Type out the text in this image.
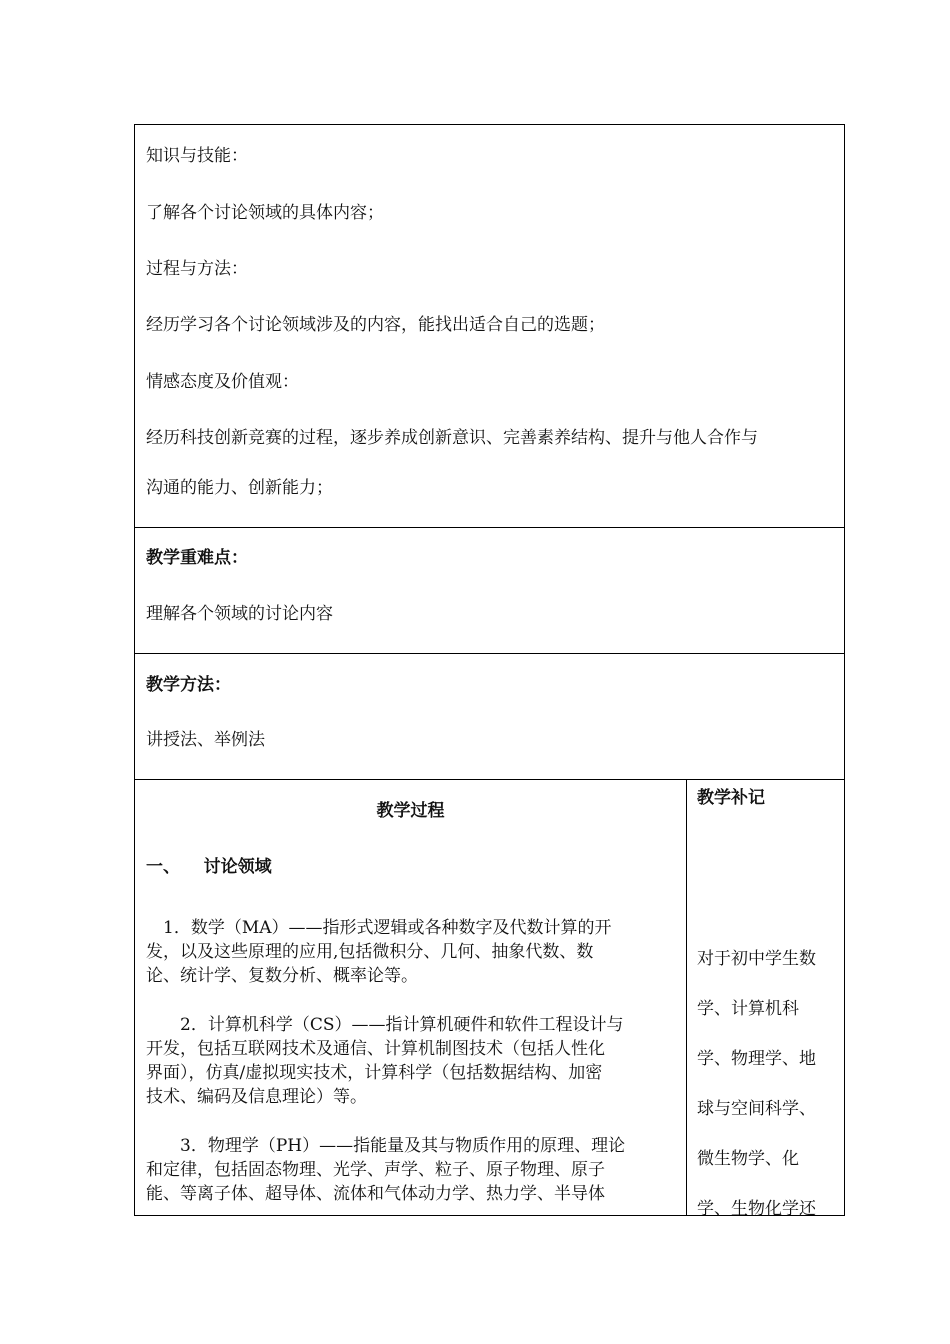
知识与技能：
了解各个讨论领域的具体内容；
过程与方法：
经历学习各个讨论领域涉及的内容，能找出适合自己的选题；
情感态度及价值观：
经历科技创新竞赛的过程，逐步养成创新意识、完善素养结构、提升与他人合作与
沟通的能力、创新能力；
教学重难点：
理解各个领域的讨论内容
教学方法：
讲授法、举例法
教学过程
教学补记
一、    讨论领域
1．数学（MA）——指形式逻辑或各种数字及代数计算的开
发，以及这些原理的应用,包括微积分、几何、抽象代数、数
论、统计学、复数分析、概率论等。
2．计算机科学（CS）——指计算机硬件和软件工程设计与
开发，包括互联网技术及通信、计算机制图技术（包括人性化
界面），仿真/虚拟现实技术，计算科学（包括数据结构、加密
技术、编码及信息理论）等。
3．物理学（PH）——指能量及其与物质作用的原理、理论
和定律，包括固态物理、光学、声学、粒子、原子物理、原子
能、等离子体、超导体、流体和气体动力学、热力学、半导体
对于初中学生数
学、计算机科
学、物理学、地
球与空间科学、
微生物学、化
学、生物化学还
